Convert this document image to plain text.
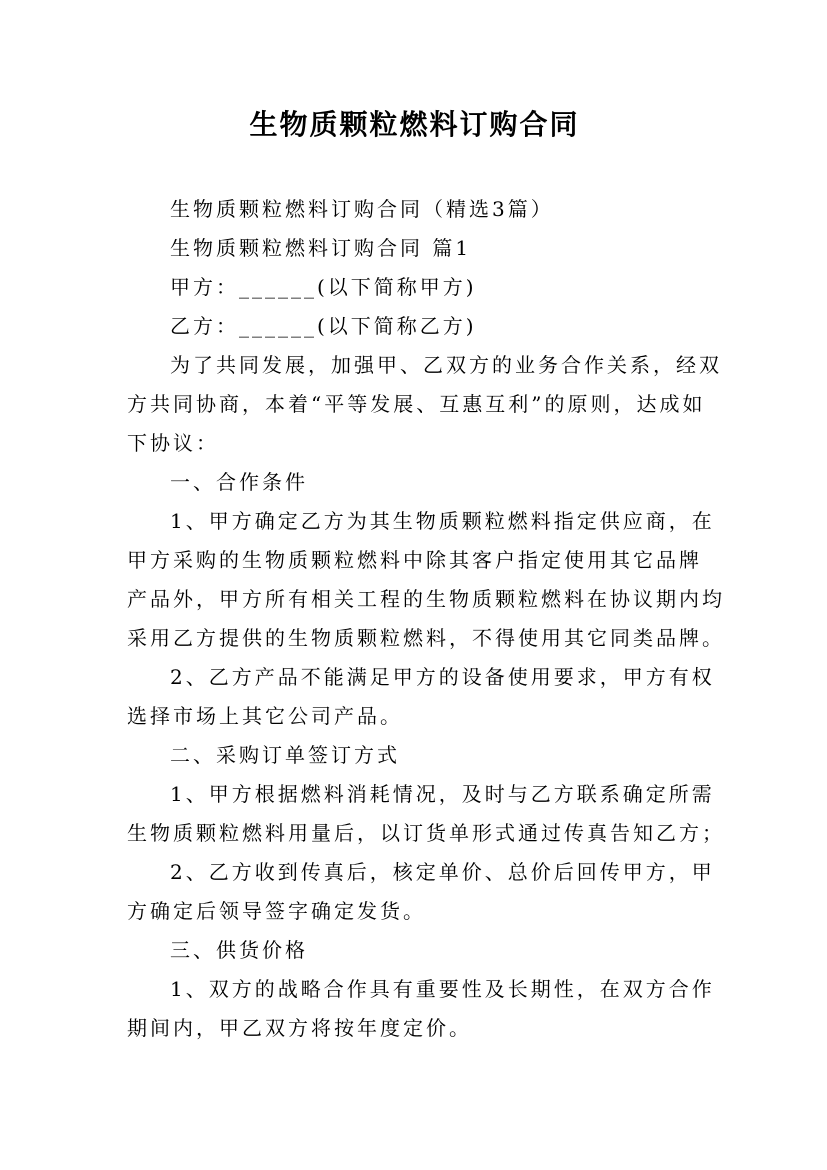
生物质颗粒燃料订购合同
生物质颗粒燃料订购合同（精选3篇）
生物质颗粒燃料订购合同 篇1
甲方：______(以下简称甲方)
乙方：______(以下简称乙方)
为了共同发展，加强甲、乙双方的业务合作关系，经双
方共同协商，本着“平等发展、互惠互利”的原则，达成如
下协议：
一、合作条件
1、甲方确定乙方为其生物质颗粒燃料指定供应商，在
甲方采购的生物质颗粒燃料中除其客户指定使用其它品牌
产品外，甲方所有相关工程的生物质颗粒燃料在协议期内均
采用乙方提供的生物质颗粒燃料，不得使用其它同类品牌。
2、乙方产品不能满足甲方的设备使用要求，甲方有权
选择市场上其它公司产品。
二、采购订单签订方式
1、甲方根据燃料消耗情况，及时与乙方联系确定所需
生物质颗粒燃料用量后，以订货单形式通过传真告知乙方；
2、乙方收到传真后，核定单价、总价后回传甲方，甲
方确定后领导签字确定发货。
三、供货价格
1、双方的战略合作具有重要性及长期性，在双方合作
期间内，甲乙双方将按年度定价。
